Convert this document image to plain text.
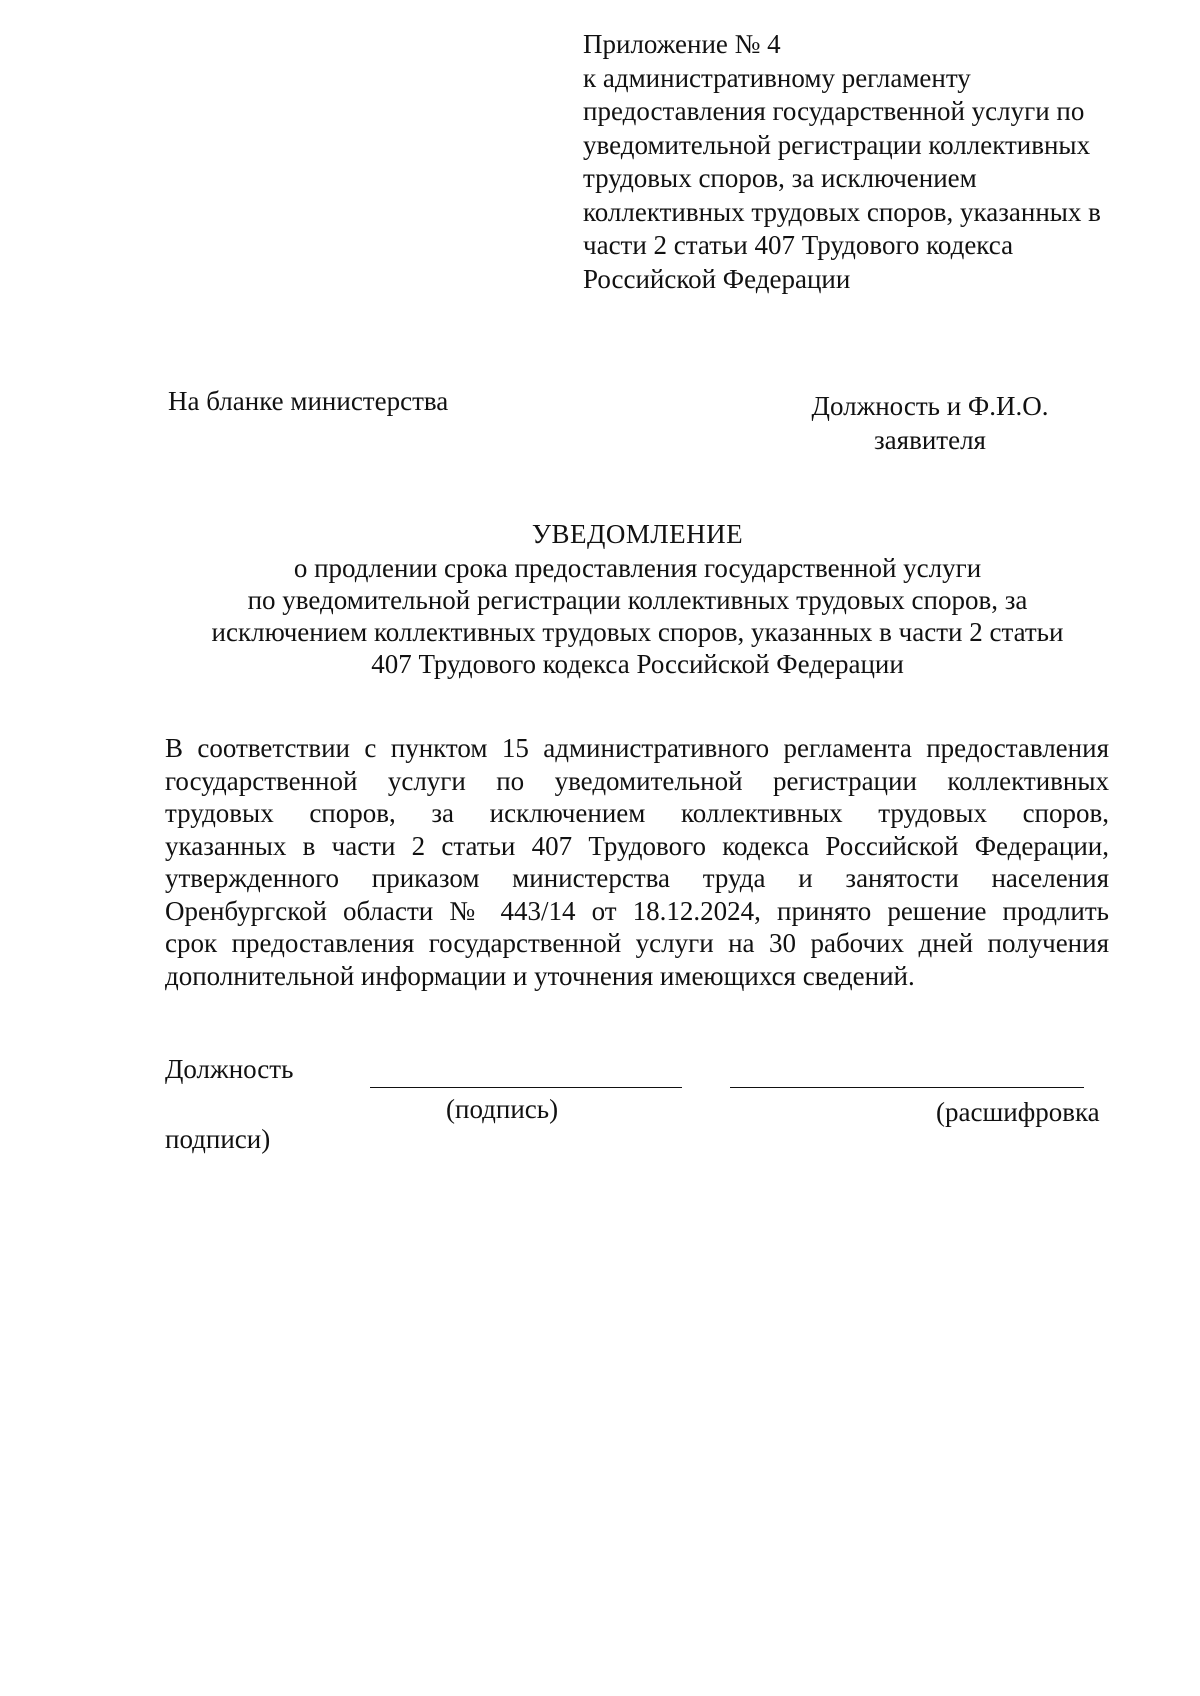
Приложение № 4
к административному регламенту
предоставления государственной услуги по
уведомительной регистрации коллективных
трудовых споров, за исключением
коллективных трудовых споров, указанных в
части 2 статьи 407 Трудового кодекса
Российской Федерации
На бланке министерства	Должность и Ф.И.О.
заявителя
УВЕДОМЛЕНИЕ
о продлении срока предоставления государственной услуги
по уведомительной регистрации коллективных трудовых споров, за
исключением коллективных трудовых споров, указанных в части 2 статьи
407 Трудового кодекса Российской Федерации
В соответствии с пунктом 15 административного регламента предоставления
государственной услуги по уведомительной регистрации коллективных
трудовых споров, за исключением коллективных трудовых споров,
указанных в части 2 статьи 407 Трудового кодекса Российской Федерации,
утвержденного приказом министерства труда и занятости населения
Оренбургской области № 443/14 от 18.12.2024, принято решение продлить
срок предоставления государственной услуги на 30 рабочих дней получения
дополнительной информации и уточнения имеющихся сведений.
Должность
(подпись)	(расшифровка
подписи)
